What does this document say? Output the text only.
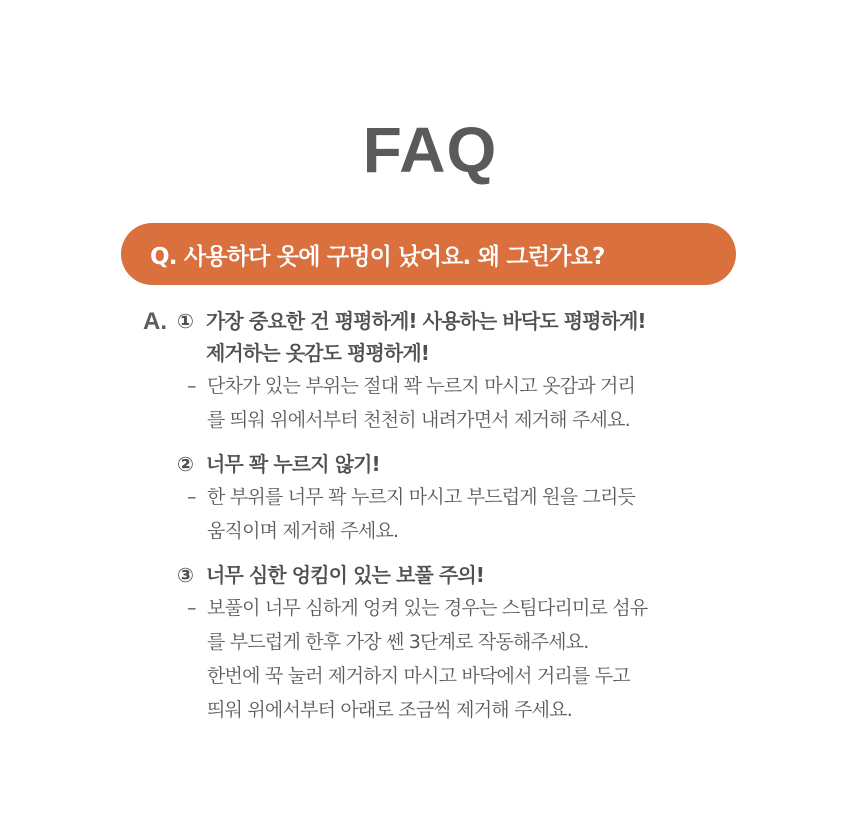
FAQ
Q. 사용하다 옷에 구멍이 났어요. 왜 그런가요?
A. ① 가장 중요한 건 평평하게! 사용하는 바닥도 평평하게!
제거하는 옷감도 평평하게!
– 단차가 있는 부위는 절대 꽉 누르지 마시고 옷감과 거리
를 띄워 위에서부터 천천히 내려가면서 제거해 주세요.
② 너무 꽉 누르지 않기!
– 한 부위를 너무 꽉 누르지 마시고 부드럽게 원을 그리듯
움직이며 제거해 주세요.
③ 너무 심한 엉킴이 있는 보풀 주의!
– 보풀이 너무 심하게 엉켜 있는 경우는 스팀다리미로 섬유
를 부드럽게 한후 가장 쎈 3단계로 작동해주세요.
한번에 꾹 눌러 제거하지 마시고 바닥에서 거리를 두고
띄워 위에서부터 아래로 조금씩 제거해 주세요.
